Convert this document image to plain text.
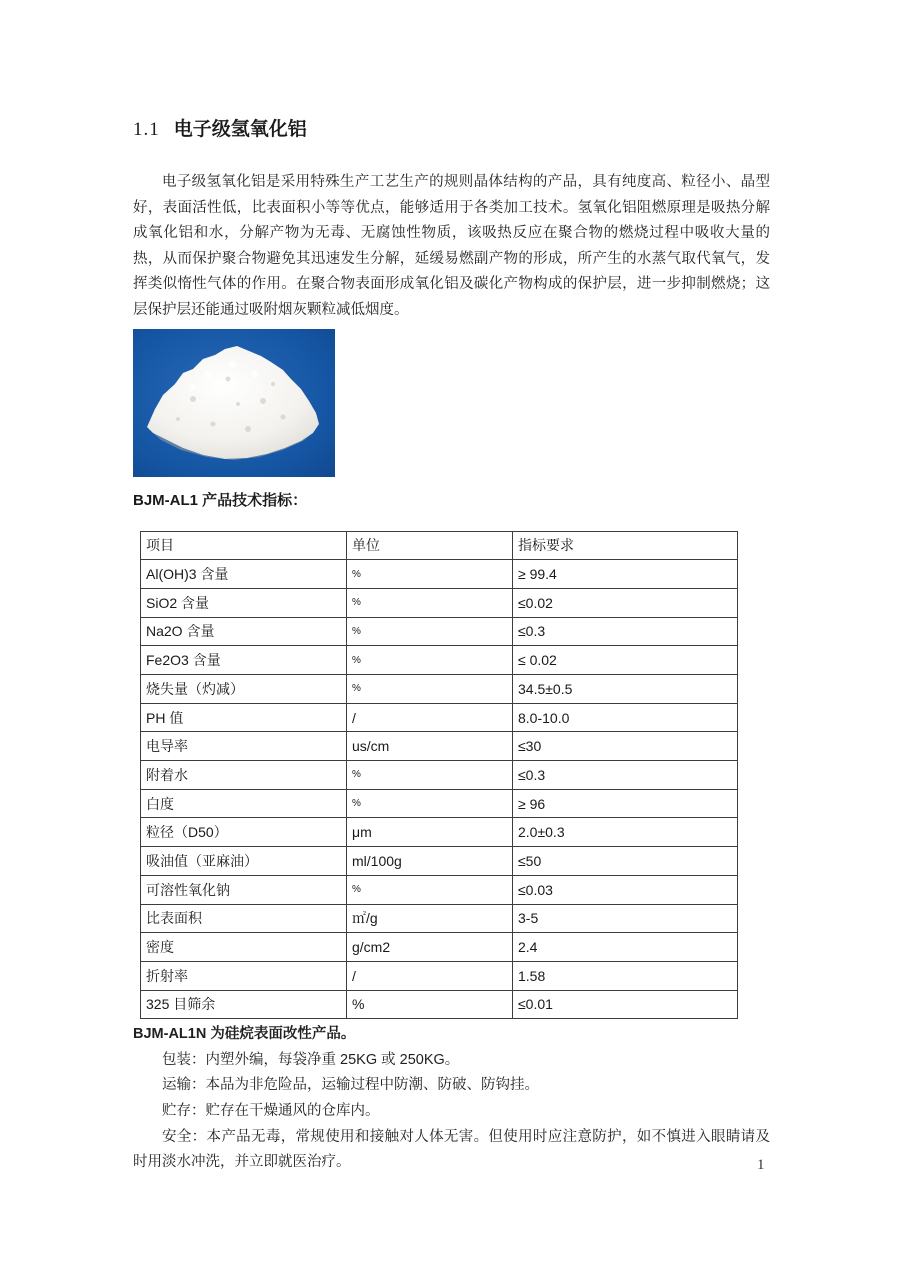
1.1 电子级氢氧化铝

电子级氢氧化铝是采用特殊生产工艺生产的规则晶体结构的产品，具有纯度高、粒径小、晶型好，表面活性低，比表面积小等等优点，能够适用于各类加工技术。氢氧化铝阻燃原理是吸热分解成氧化铝和水，分解产物为无毒、无腐蚀性物质，该吸热反应在聚合物的燃烧过程中吸收大量的热，从而保护聚合物避免其迅速发生分解，延缓易燃副产物的形成，所产生的水蒸气取代氧气，发挥类似惰性气体的作用。在聚合物表面形成氧化铝及碳化产物构成的保护层，进一步抑制燃烧；这层保护层还能通过吸附烟灰颗粒减低烟度。

BJM-AL1 产品技术指标：
项目	单位	指标要求
Al(OH)3 含量	%	≥ 99.4
SiO2 含量	%	≤0.02
Na2O 含量	%	≤0.3
Fe2O3 含量	%	≤ 0.02
烧失量（灼减）	%	34.5±0.5
PH 值	/	8.0-10.0
电导率	us/cm	≤30
附着水	%	≤0.3
白度	%	≥ 96
粒径（D50）	μm	2.0±0.3
吸油值（亚麻油）	ml/100g	≤50
可溶性氧化钠	%	≤0.03
比表面积	㎡/g	3-5
密度	g/cm2	2.4
折射率	/	1.58
325 目筛余	%	≤0.01
BJM-AL1N 为硅烷表面改性产品。
包装：内塑外编，每袋净重 25KG 或 250KG。
运输：本品为非危险品，运输过程中防潮、防破、防钩挂。
贮存：贮存在干燥通风的仓库内。
安全：本产品无毒，常规使用和接触对人体无害。但使用时应注意防护，如不慎进入眼睛请及时用淡水冲洗，并立即就医治疗。	1
